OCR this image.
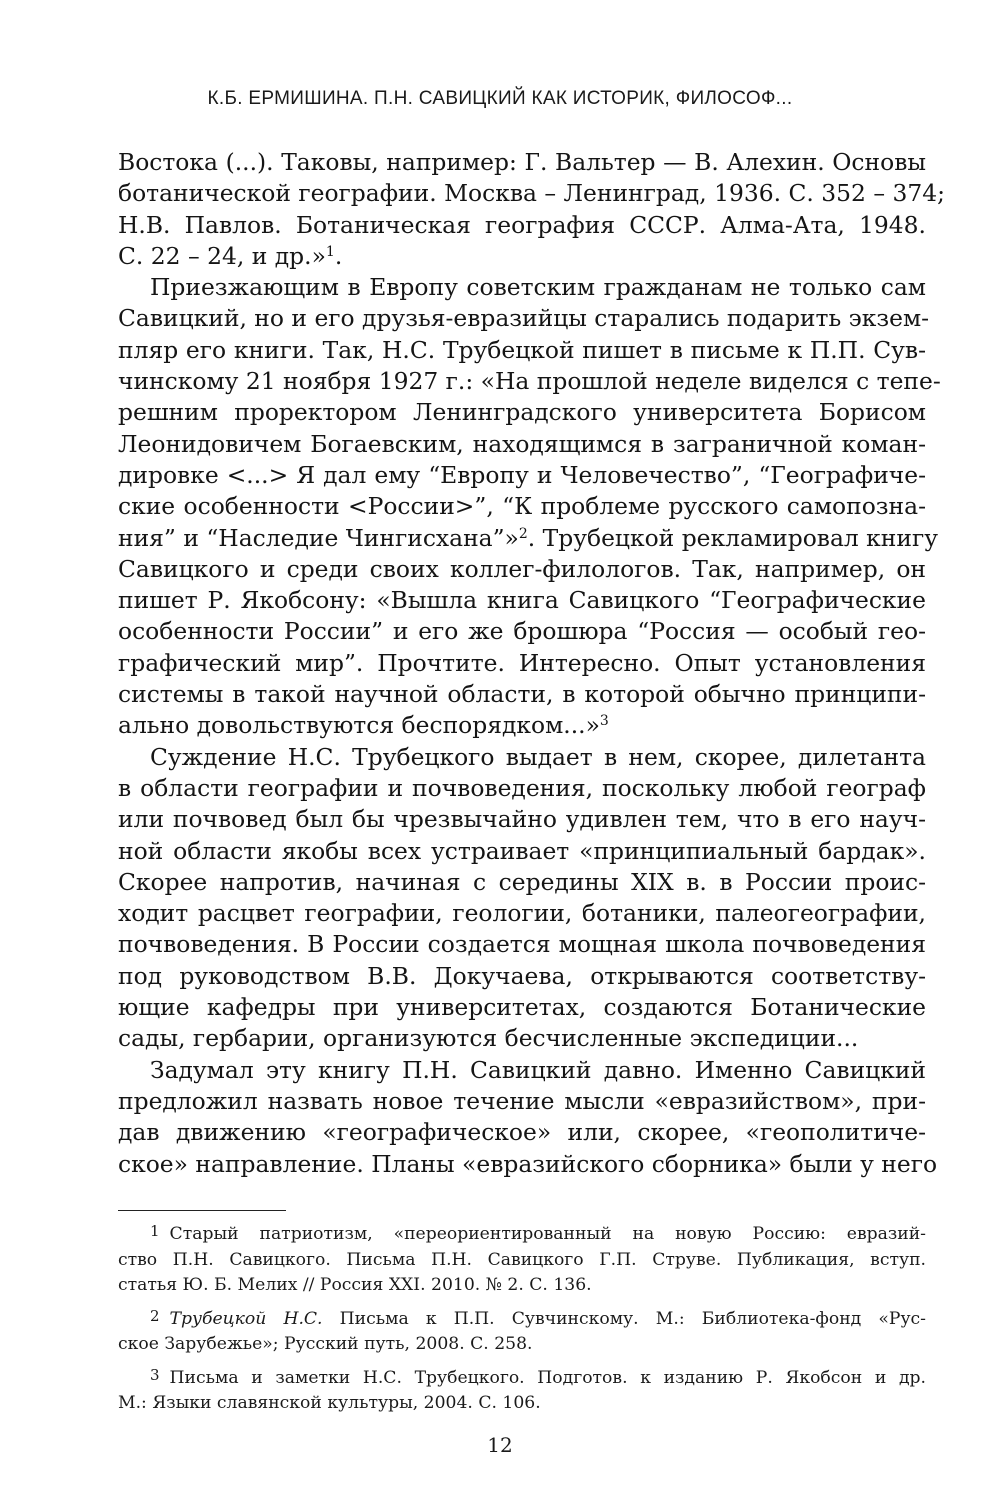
К.Б. ЕРМИШИНА. П.Н. САВИЦКИЙ КАК ИСТОРИК, ФИЛОСОФ...
Востока (...). Таковы, например: Г. Вальтер — В. Алехин. Основы
ботанической географии. Москва – Ленинград, 1936. С. 352 – 374;
Н.В. Павлов. Ботаническая география СССР. Алма-Ата, 1948.
С. 22 – 24, и др.»$^1$.
Приезжающим в Европу советским гражданам не только сам
Савицкий, но и его друзья-евразийцы старались подарить экзем-
пляр его книги. Так, Н.С. Трубецкой пишет в письме к П.П. Сув-
чинскому 21 ноября 1927 г.: «На прошлой неделе виделся с тепе-
решним проректором Ленинградского университета Борисом
Леонидовичем Богаевским, находящимся в заграничной коман-
дировке <...> Я дал ему “Европу и Человечество”, “Географиче-
ские особенности <России>”, “К проблеме русского самопозна-
ния” и “Наследие Чингисхана”»$^2$. Трубецкой рекламировал книгу
Савицкого и среди своих коллег-филологов. Так, например, он
пишет Р. Якобсону: «Вышла книга Савицкого “Географические
особенности России” и его же брошюра “Россия — особый гео-
графический мир”. Прочтите. Интересно. Опыт установления
системы в такой научной области, в которой обычно принципи-
ально довольствуются беспорядком...»$^3$
Суждение Н.С. Трубецкого выдает в нем, скорее, дилетанта
в области географии и почвоведения, поскольку любой географ
или почвовед был бы чрезвычайно удивлен тем, что в его науч-
ной области якобы всех устраивает «принципиальный бардак».
Скорее напротив, начиная с середины XIX в. в России проис-
ходит расцвет географии, геологии, ботаники, палеогеографии,
почвоведения. В России создается мощная школа почвоведения
под руководством В.В. Докучаева, открываются соответству-
ющие кафедры при университетах, создаются Ботанические
сады, гербарии, организуются бесчисленные экспедиции...
Задумал эту книгу П.Н. Савицкий давно. Именно Савицкий
предложил назвать новое течение мысли «евразийством», при-
дав движению «географическое» или, скорее, «геополитиче-
ское» направление. Планы «евразийского сборника» были у него
1 Старый патриотизм, «переориентированный на новую Россию: евразий-
ство П.Н. Савицкого. Письма П.Н. Савицкого Г.П. Струве. Публикация, вступ.
статья Ю. Б. Мелих // Россия XXI. 2010. № 2. С. 136.
2 Трубецкой Н.С. Письма к П.П. Сувчинскому. М.: Библиотека-фонд «Рус-
ское Зарубежье»; Русский путь, 2008. С. 258.
3 Письма и заметки Н.С. Трубецкого. Подготов. к изданию Р. Якобсон и др.
М.: Языки славянской культуры, 2004. С. 106.
12
